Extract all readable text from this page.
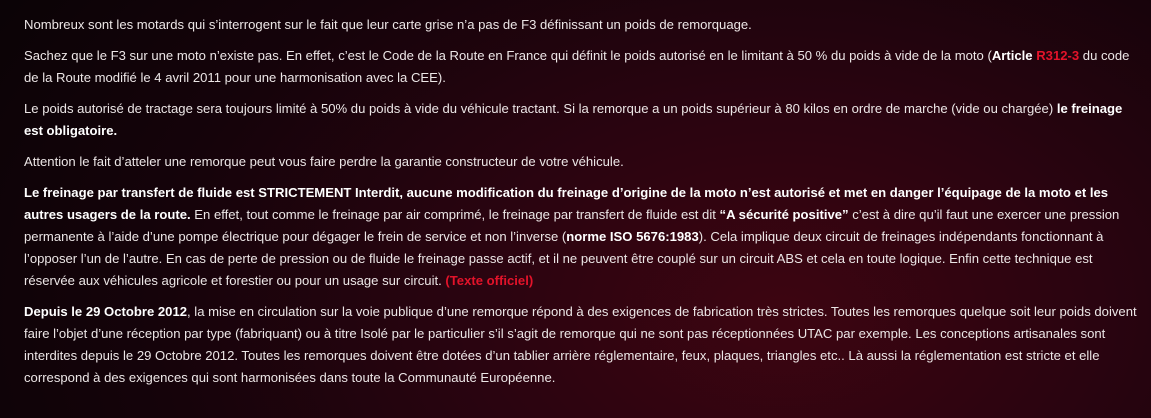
Nombreux sont les motards qui s’interrogent sur le fait que leur carte grise n’a pas de F3 définissant un poids de remorquage.

Sachez que le F3 sur une moto n’existe pas. En effet, c’est le Code de la Route en France qui définit le poids autorisé en le limitant à 50 % du poids à vide de la moto (Article R312-3 du code de la Route modifié le 4 avril 2011 pour une harmonisation avec la CEE).

Le poids autorisé de tractage sera toujours limité à 50% du poids à vide du véhicule tractant. Si la remorque a un poids supérieur à 80 kilos en ordre de marche (vide ou chargée) le freinage est obligatoire.

Attention le fait d’atteler une remorque peut vous faire perdre la garantie constructeur de votre véhicule.

Le freinage par transfert de fluide est STRICTEMENT Interdit, aucune modification du freinage d’origine de la moto n’est autorisé et met en danger l’équipage de la moto et les autres usagers de la route. En effet, tout comme le freinage par air comprimé, le freinage par transfert de fluide est dit “A sécurité positive” c’est à dire qu’il faut une exercer une pression permanente à l’aide d’une pompe électrique pour dégager le frein de service et non l’inverse (norme ISO 5676:1983). Cela implique deux circuit de freinages indépendants fonctionnant à l’opposer l’un de l’autre. En cas de perte de pression ou de fluide le freinage passe actif, et il ne peuvent être couplé sur un circuit ABS et cela en toute logique. Enfin cette technique est réservée aux véhicules agricole et forestier ou pour un usage sur circuit. (Texte officiel)

Depuis le 29 Octobre 2012, la mise en circulation sur la voie publique d’une remorque répond à des exigences de fabrication très strictes. Toutes les remorques quelque soit leur poids doivent faire l’objet d’une réception par type (fabriquant) ou à titre Isolé par le particulier s’il s’agit de remorque qui ne sont pas réceptionnées UTAC par exemple. Les conceptions artisanales sont interdites depuis le 29 Octobre 2012. Toutes les remorques doivent être dotées d’un tablier arrière réglementaire, feux, plaques, triangles etc.. Là aussi la réglementation est stricte et elle correspond à des exigences qui sont harmonisées dans toute la Communauté Européenne.
